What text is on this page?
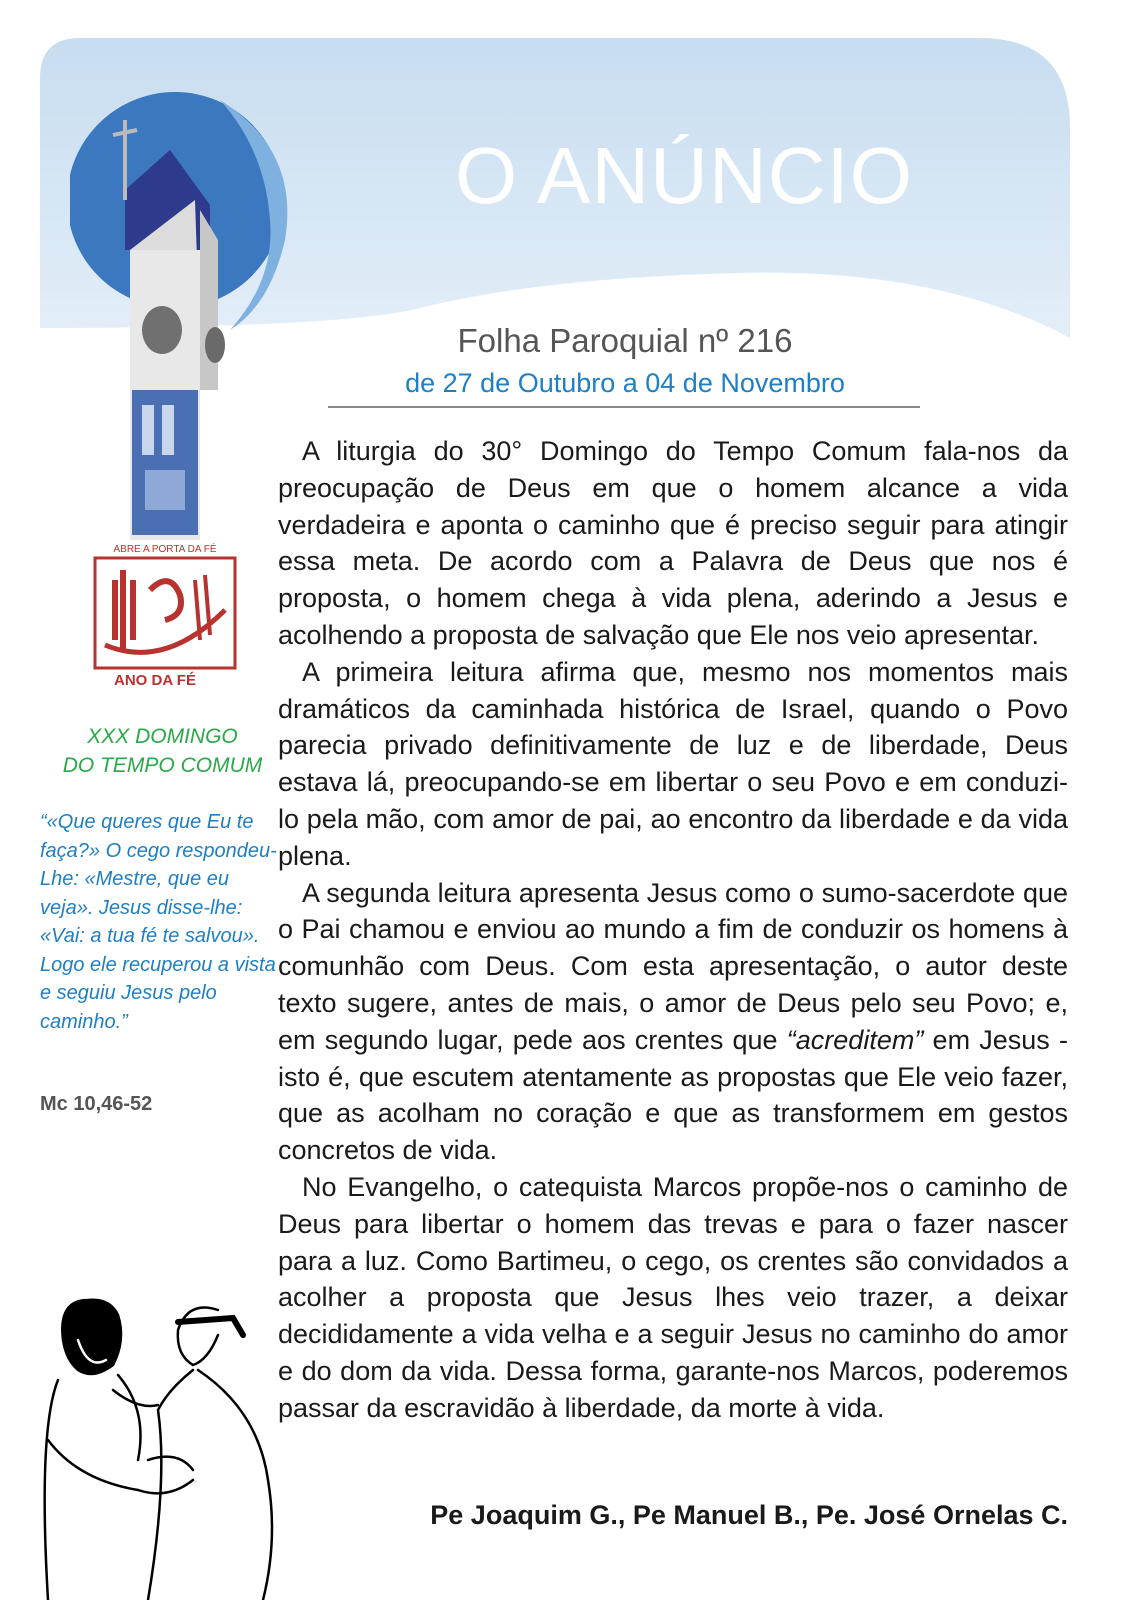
O ANÚNCIO
Folha Paroquial nº 216
de 27 de Outubro a 04 de Novembro
ABRE A PORTA DA FÉ
ANO DA FÉ
XXX DOMINGO
DO TEMPO COMUM
“«Que queres que Eu te faça?» O cego respondeu-Lhe: «Mestre, que eu veja». Jesus disse-lhe: «Vai: a tua fé te salvou». Logo ele recuperou a vista e seguiu Jesus pelo caminho.”
Mc 10,46-52

A liturgia do 30° Domingo do Tempo Comum fala-nos da preocupação de Deus em que o homem alcance a vida verdadeira e aponta o caminho que é preciso seguir para atingir essa meta. De acordo com a Palavra de Deus que nos é proposta, o homem chega à vida plena, aderindo a Jesus e acolhendo a proposta de salvação que Ele nos veio apresentar.

A primeira leitura afirma que, mesmo nos momentos mais dramáticos da caminhada histórica de Israel, quando o Povo parecia privado definitivamente de luz e de liberdade, Deus estava lá, preocupando-se em libertar o seu Povo e em conduzi-lo pela mão, com amor de pai, ao encontro da liberdade e da vida plena.

A segunda leitura apresenta Jesus como o sumo-sacerdote que o Pai chamou e enviou ao mundo a fim de conduzir os homens à comunhão com Deus. Com esta apresentação, o autor deste texto sugere, antes de mais, o amor de Deus pelo seu Povo; e, em segundo lugar, pede aos crentes que “acreditem” em Jesus - isto é, que escutem atentamente as propostas que Ele veio fazer, que as acolham no coração e que as transformem em gestos concretos de vida.

No Evangelho, o catequista Marcos propõe-nos o caminho de Deus para libertar o homem das trevas e para o fazer nascer para a luz. Como Bartimeu, o cego, os crentes são convidados a acolher a proposta que Jesus lhes veio trazer, a deixar decididamente a vida velha e a seguir Jesus no caminho do amor e do dom da vida. Dessa forma, garante-nos Marcos, poderemos passar da escravidão à liberdade, da morte à vida.

Pe Joaquim G., Pe Manuel B., Pe. José Ornelas C.
